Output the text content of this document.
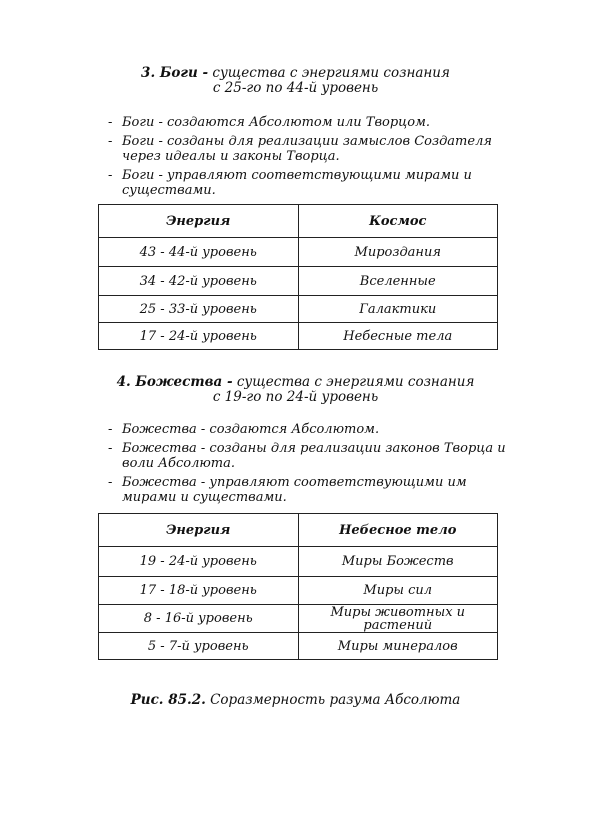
3. Боги - существа с энергиями сознания
с 25-го по 44-й уровень
- Боги - создаются Абсолютом или Творцом.
- Боги - созданы для реализации замыслов Создателя через идеалы и законы Творца.
- Боги - управляют соответствующими мирами и существами.
Энергия	Космос
43 - 44-й уровень	Мироздания
34 - 42-й уровень	Вселенные
25 - 33-й уровень	Галактики
17 - 24-й уровень	Небесные тела
4. Божества - существа с энергиями сознания
с 19-го по 24-й уровень
- Божества - создаются Абсолютом.
- Божества - созданы для реализации законов Творца и воли Абсолюта.
- Божества - управляют соответствующими им мирами и существами.
Энергия	Небесное тело
19 - 24-й уровень	Миры Божеств
17 - 18-й уровень	Миры сил
8 - 16-й уровень	Миры животных и растений
5 - 7-й уровень	Миры минералов
Рис. 85.2. Соразмерность разума Абсолюта
